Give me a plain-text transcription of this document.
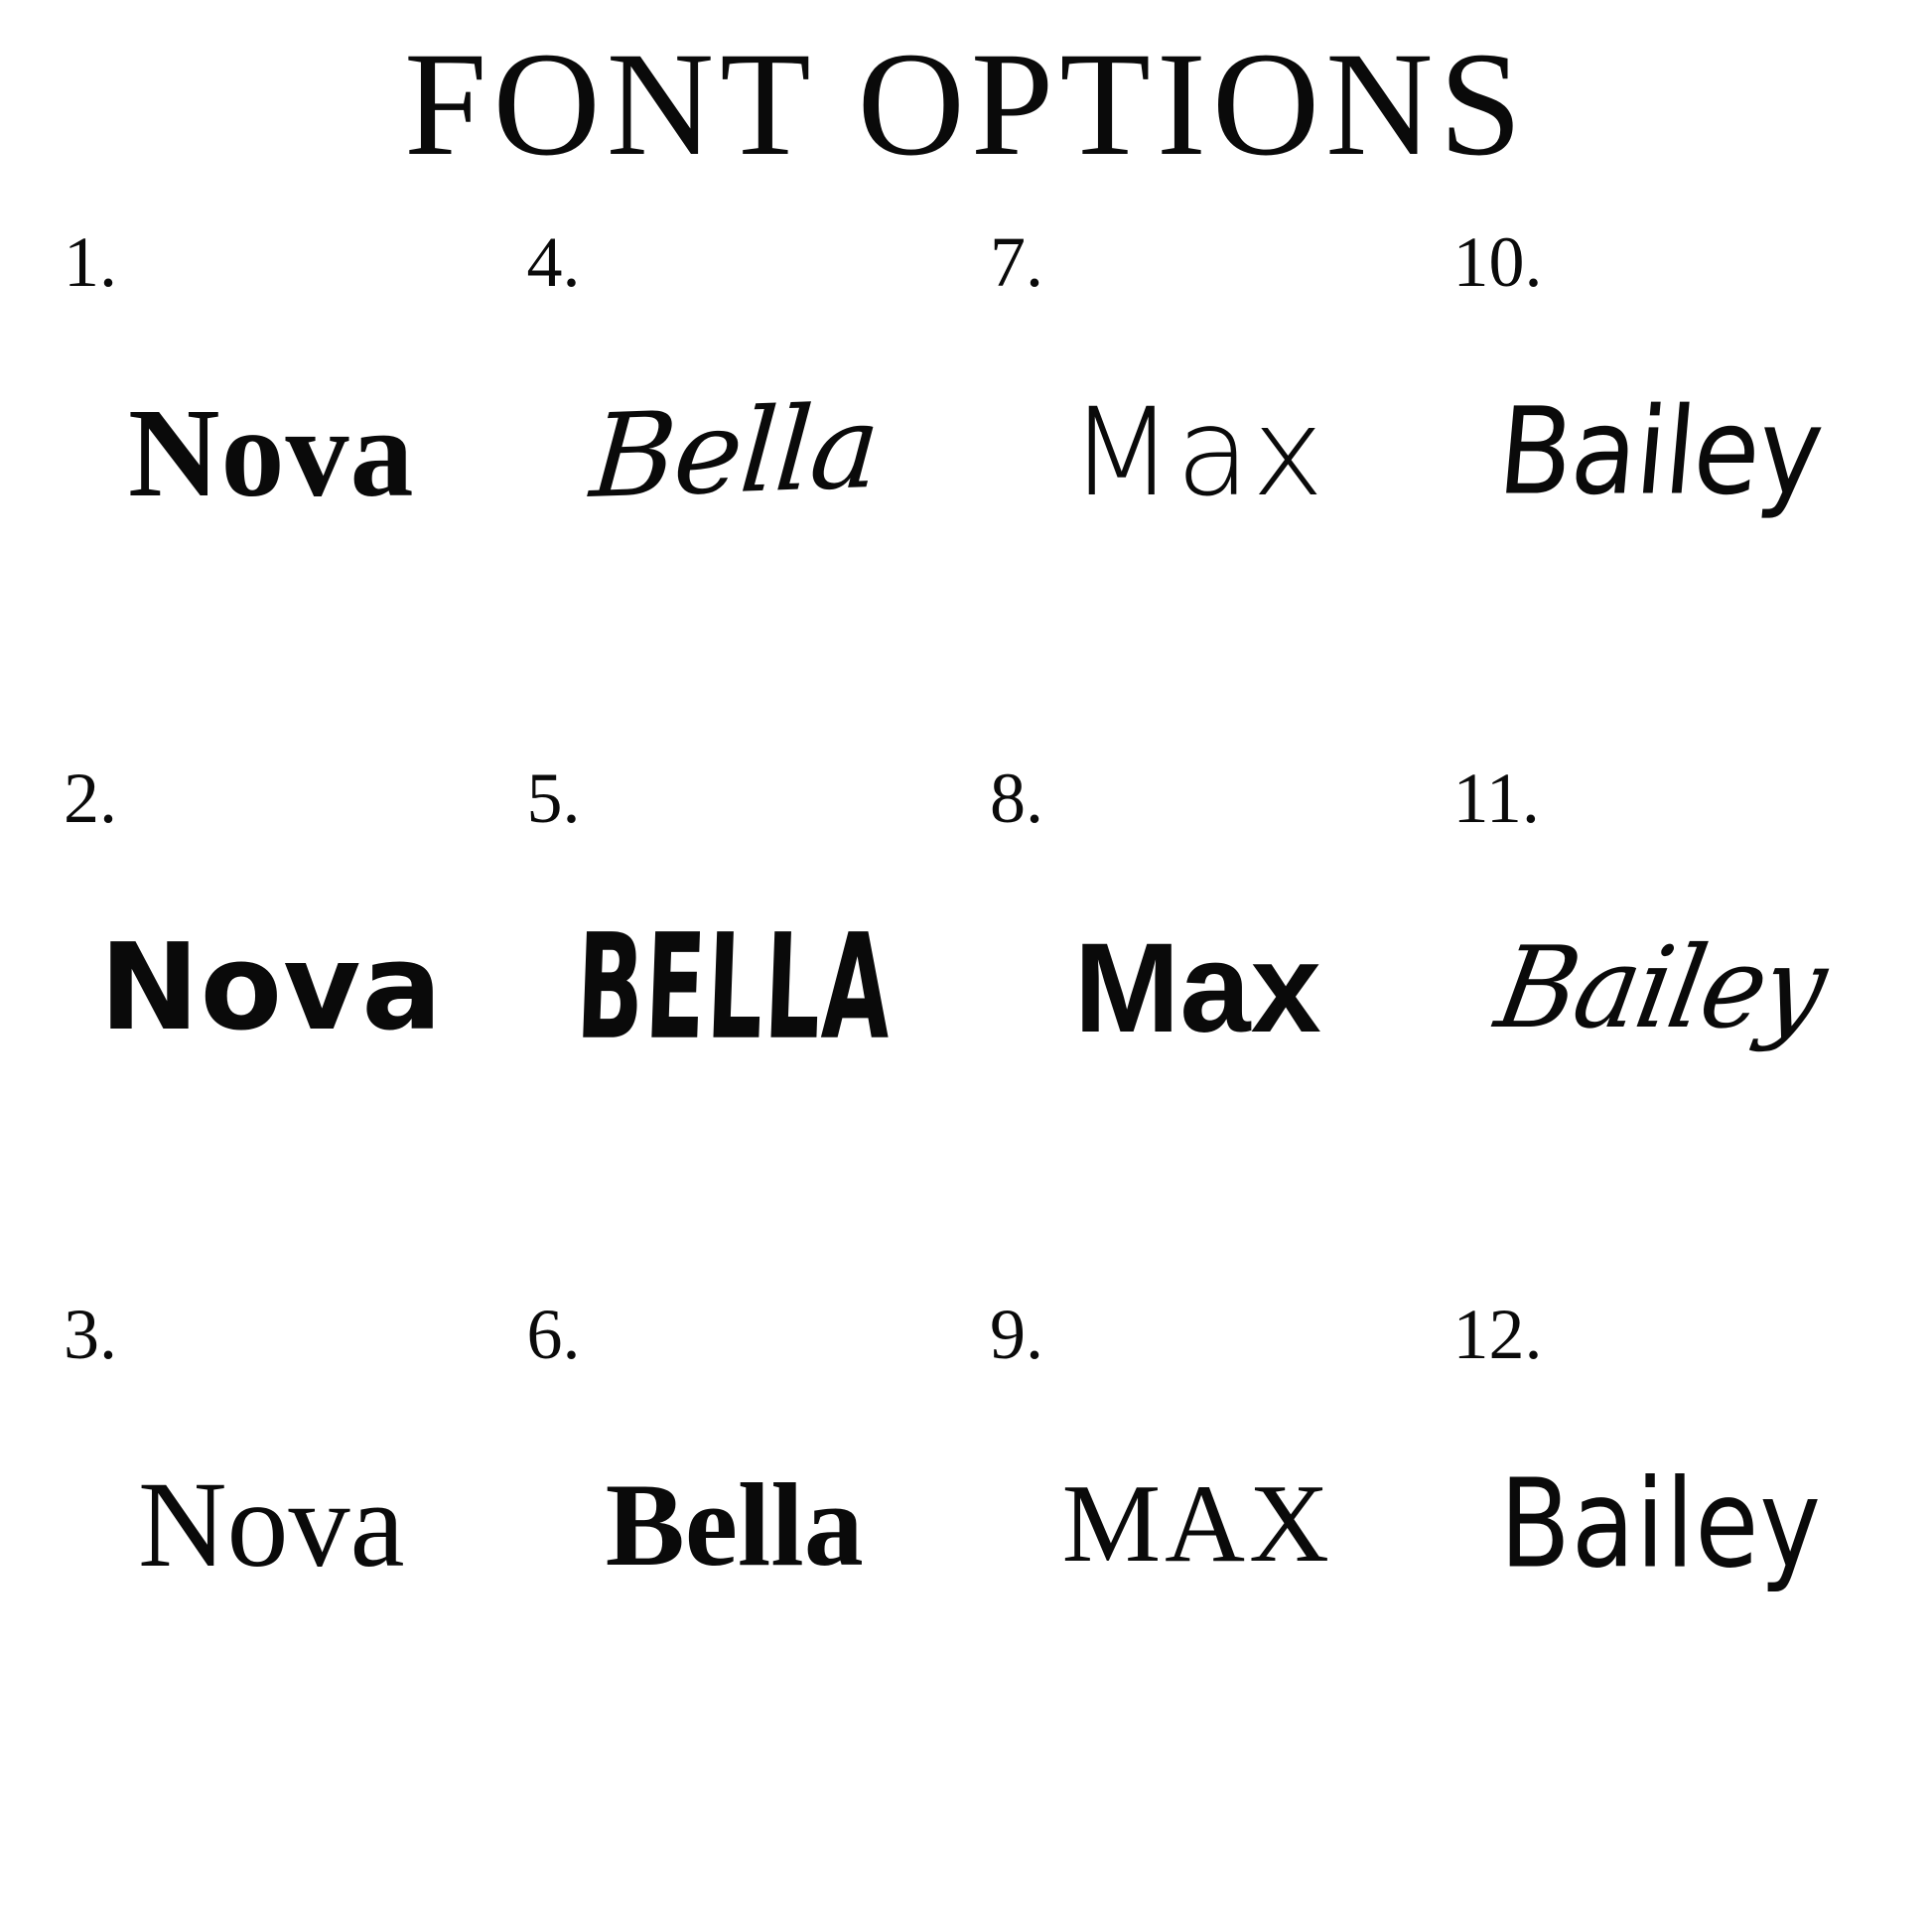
FONT OPTIONS
1.
Nova
4.
Bella
7.
Max
10.
Bailey
2.
Nova
5.
BELLA
8.
Max
11.
Bailey
3.
Nova
6.
Bella
9.
MAX
12.
Bailey
